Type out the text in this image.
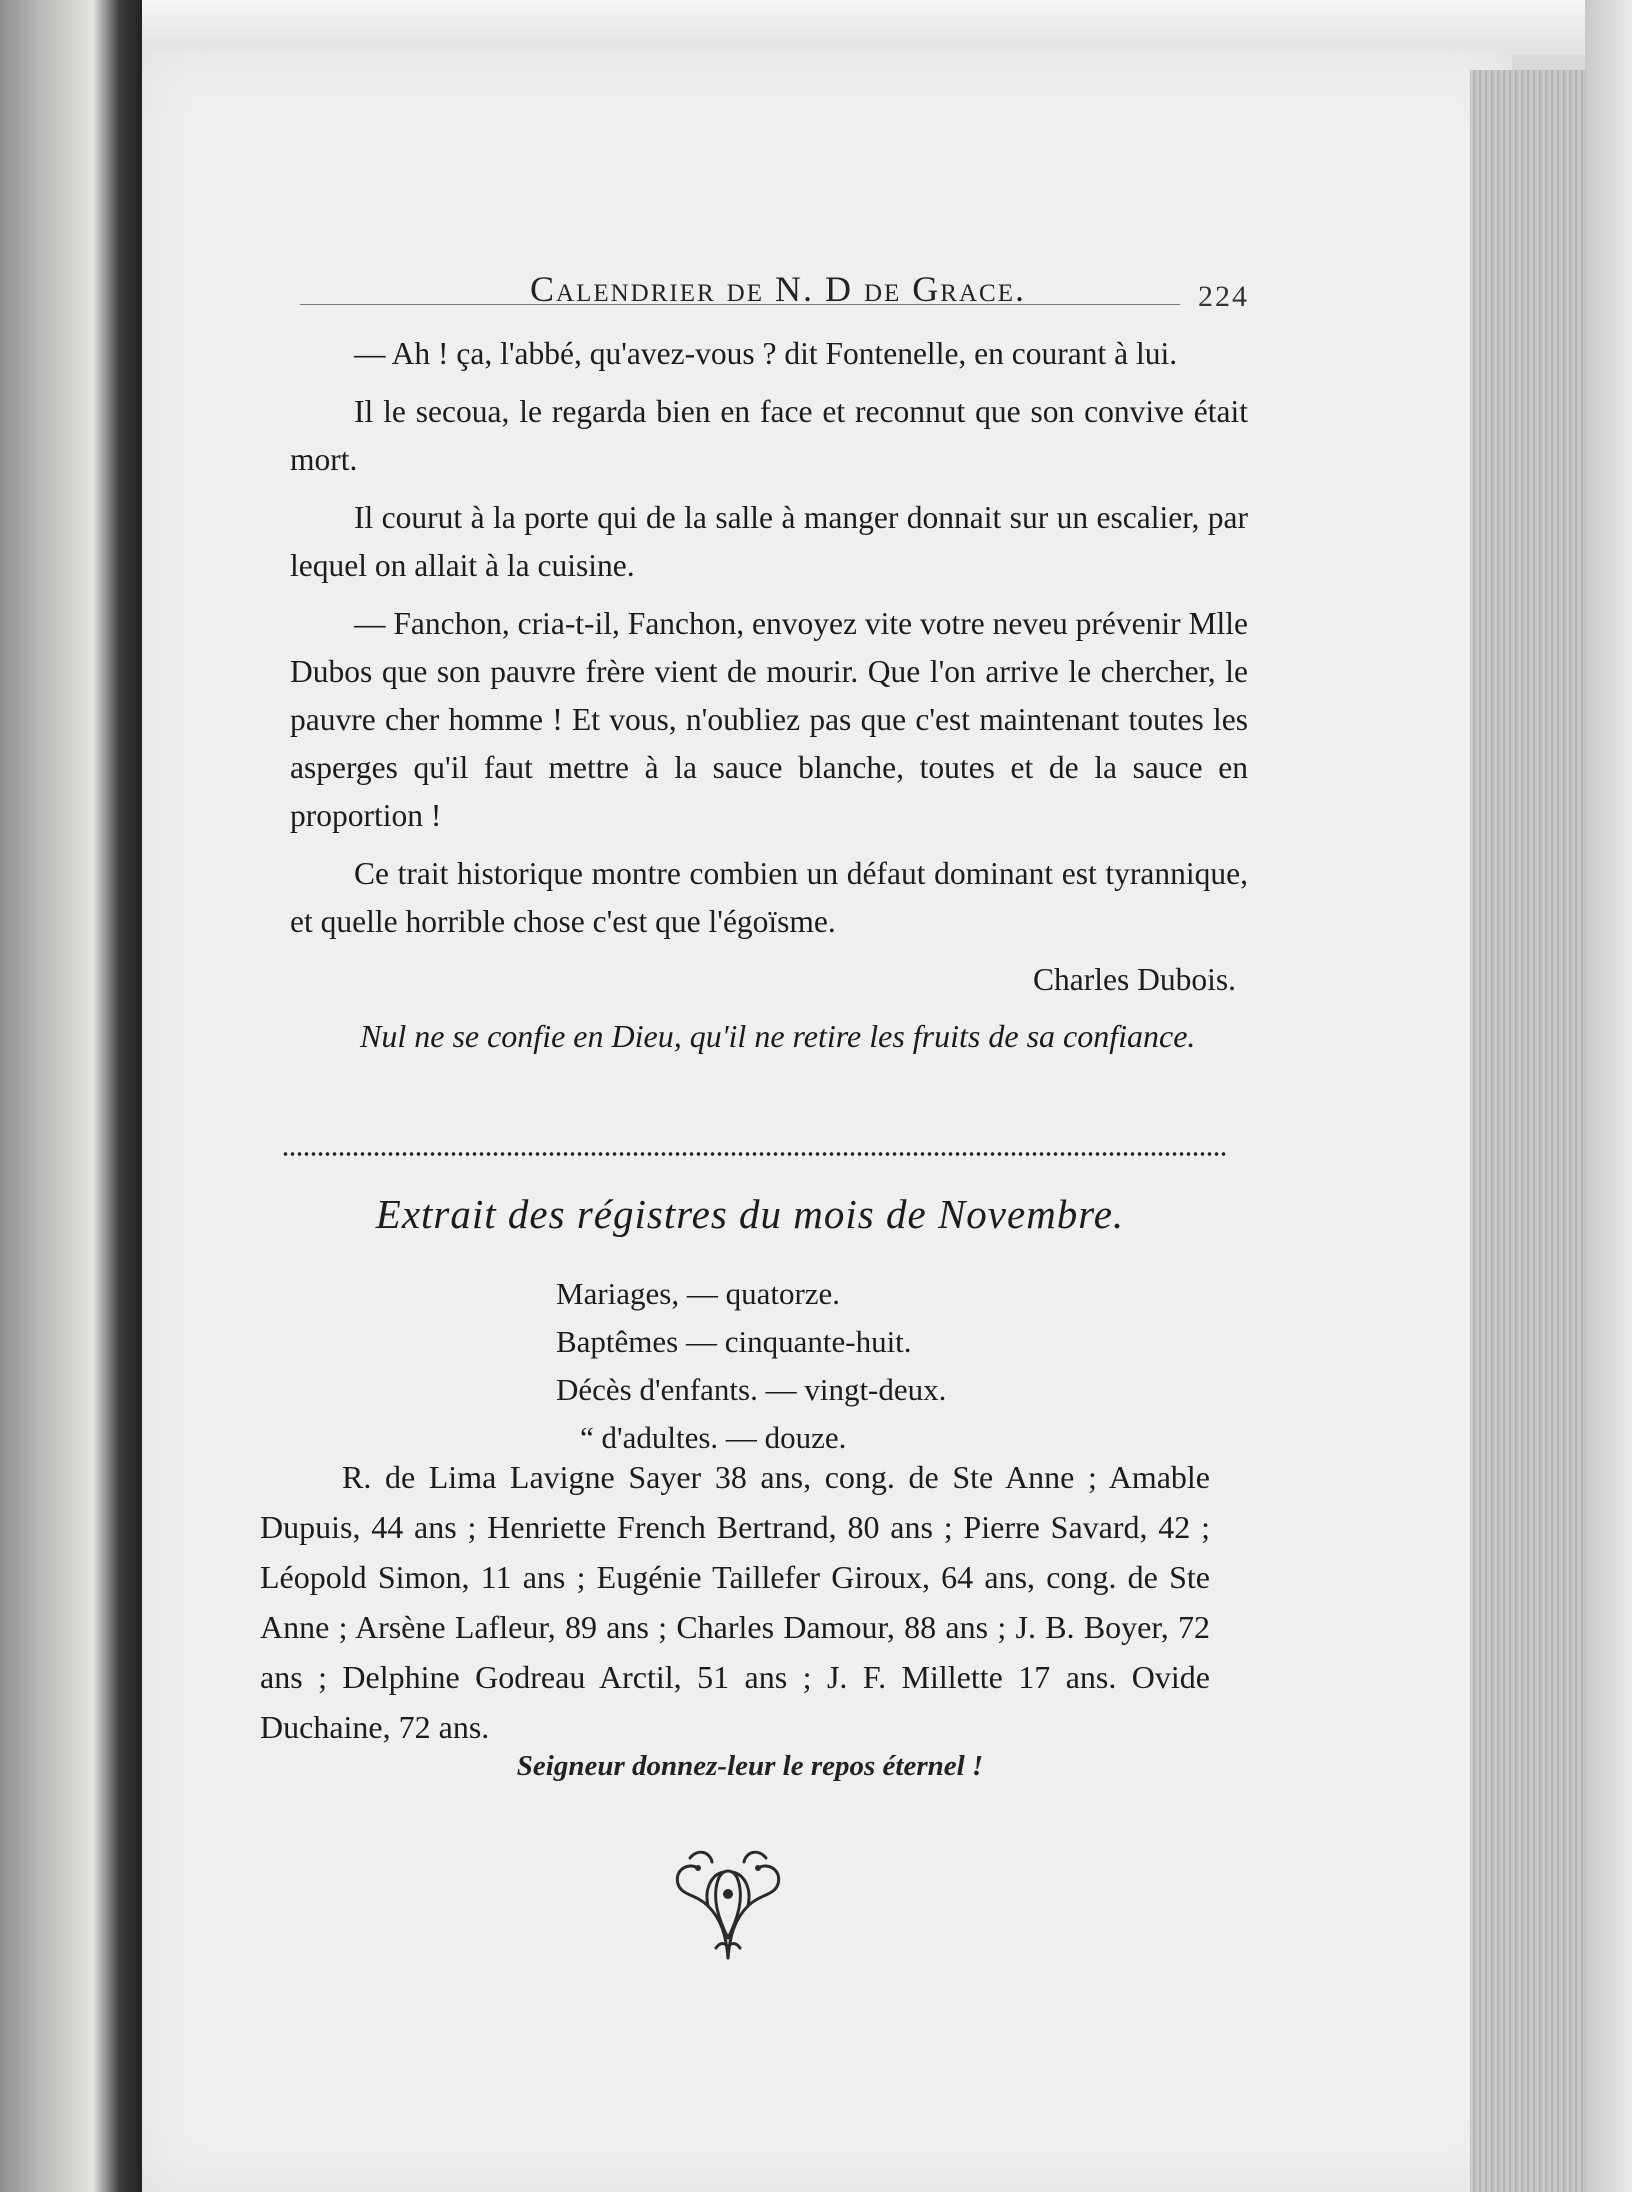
Calendrier de N. D de Grace.	224

— Ah ! ça, l'abbé, qu'avez-vous ? dit Fontenelle, en courant à lui.

Il le secoua, le regarda bien en face et reconnut que son convive était mort.

Il courut à la porte qui de la salle à manger donnait sur un escalier, par lequel on allait à la cuisine.

— Fanchon, cria-t-il, Fanchon, envoyez vite votre neveu prévenir Mlle Dubos que son pauvre frère vient de mourir. Que l'on arrive le chercher, le pauvre cher homme ! Et vous, n'oubliez pas que c'est maintenant toutes les asperges qu'il faut mettre à la sauce blanche, toutes et de la sauce en proportion !

Ce trait historique montre combien un défaut dominant est tyrannique, et quelle horrible chose c'est que l'égoïsme.

Charles Dubois.

Nul ne se confie en Dieu, qu'il ne retire les fruits de sa confiance.
Extrait des régistres du mois de Novembre.
Mariages, — quatorze.
Baptêmes — cinquante-huit.
Décès d'enfants. — vingt-deux.
“ d'adultes. — douze.
R. de Lima Lavigne Sayer 38 ans, cong. de Ste Anne ; Amable Dupuis, 44 ans ; Henriette French Bertrand, 80 ans ; Pierre Savard, 42 ; Léopold Simon, 11 ans ; Eugénie Taillefer Giroux, 64 ans, cong. de Ste Anne ; Arsène Lafleur, 89 ans ; Charles Damour, 88 ans ; J. B. Boyer, 72 ans ; Delphine Godreau Arctil, 51 ans ; J. F. Millette 17 ans. Ovide Duchaine, 72 ans.
Seigneur donnez-leur le repos éternel !
